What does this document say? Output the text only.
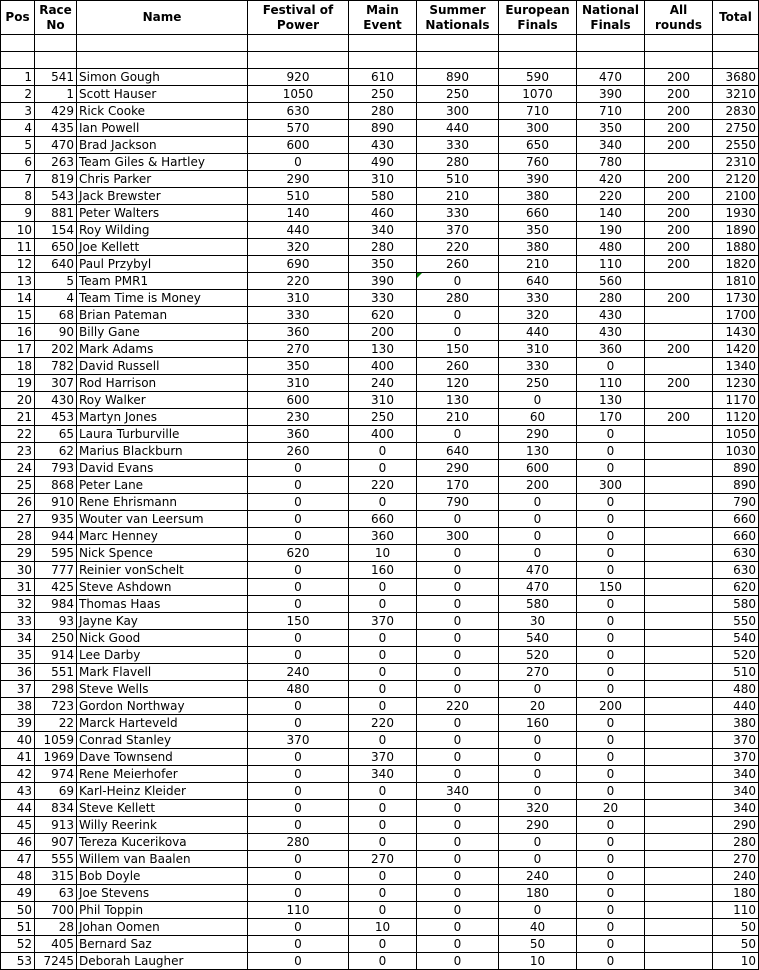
Pos	Race No	Name	Festival of Power	Main Event	Summer Nationals	European Finals	National Finals	All rounds	Total

1	541	Simon Gough	920	610	890	590	470	200	3680
2	1	Scott Hauser	1050	250	250	1070	390	200	3210
3	429	Rick Cooke	630	280	300	710	710	200	2830
4	435	Ian Powell	570	890	440	300	350	200	2750
5	470	Brad Jackson	600	430	330	650	340	200	2550
6	263	Team Giles & Hartley	0	490	280	760	780		2310
7	819	Chris Parker	290	310	510	390	420	200	2120
8	543	Jack Brewster	510	580	210	380	220	200	2100
9	881	Peter Walters	140	460	330	660	140	200	1930
10	154	Roy Wilding	440	340	370	350	190	200	1890
11	650	Joe Kellett	320	280	220	380	480	200	1880
12	640	Paul Przybyl	690	350	260	210	110	200	1820
13	5	Team PMR1	220	390	0	640	560		1810
14	4	Team Time is Money	310	330	280	330	280	200	1730
15	68	Brian Pateman	330	620	0	320	430		1700
16	90	Billy Gane	360	200	0	440	430		1430
17	202	Mark Adams	270	130	150	310	360	200	1420
18	782	David Russell	350	400	260	330	0		1340
19	307	Rod Harrison	310	240	120	250	110	200	1230
20	430	Roy Walker	600	310	130	0	130		1170
21	453	Martyn Jones	230	250	210	60	170	200	1120
22	65	Laura Turburville	360	400	0	290	0		1050
23	62	Marius Blackburn	260	0	640	130	0		1030
24	793	David Evans	0	0	290	600	0		890
25	868	Peter Lane	0	220	170	200	300		890
26	910	Rene Ehrismann	0	0	790	0	0		790
27	935	Wouter van Leersum	0	660	0	0	0		660
28	944	Marc Henney	0	360	300	0	0		660
29	595	Nick Spence	620	10	0	0	0		630
30	777	Reinier vonSchelt	0	160	0	470	0		630
31	425	Steve Ashdown	0	0	0	470	150		620
32	984	Thomas Haas	0	0	0	580	0		580
33	93	Jayne Kay	150	370	0	30	0		550
34	250	Nick Good	0	0	0	540	0		540
35	914	Lee Darby	0	0	0	520	0		520
36	551	Mark Flavell	240	0	0	270	0		510
37	298	Steve Wells	480	0	0	0	0		480
38	723	Gordon Northway	0	0	220	20	200		440
39	22	Marck Harteveld	0	220	0	160	0		380
40	1059	Conrad Stanley	370	0	0	0	0		370
41	1969	Dave Townsend	0	370	0	0	0		370
42	974	Rene Meierhofer	0	340	0	0	0		340
43	69	Karl-Heinz Kleider	0	0	340	0	0		340
44	834	Steve Kellett	0	0	0	320	20		340
45	913	Willy Reerink	0	0	0	290	0		290
46	907	Tereza Kucerikova	280	0	0	0	0		280
47	555	Willem van Baalen	0	270	0	0	0		270
48	315	Bob Doyle	0	0	0	240	0		240
49	63	Joe Stevens	0	0	0	180	0		180
50	700	Phil Toppin	110	0	0	0	0		110
51	28	Johan Oomen	0	10	0	40	0		50
52	405	Bernard Saz	0	0	0	50	0		50
53	7245	Deborah Laugher	0	0	0	10	0		10
